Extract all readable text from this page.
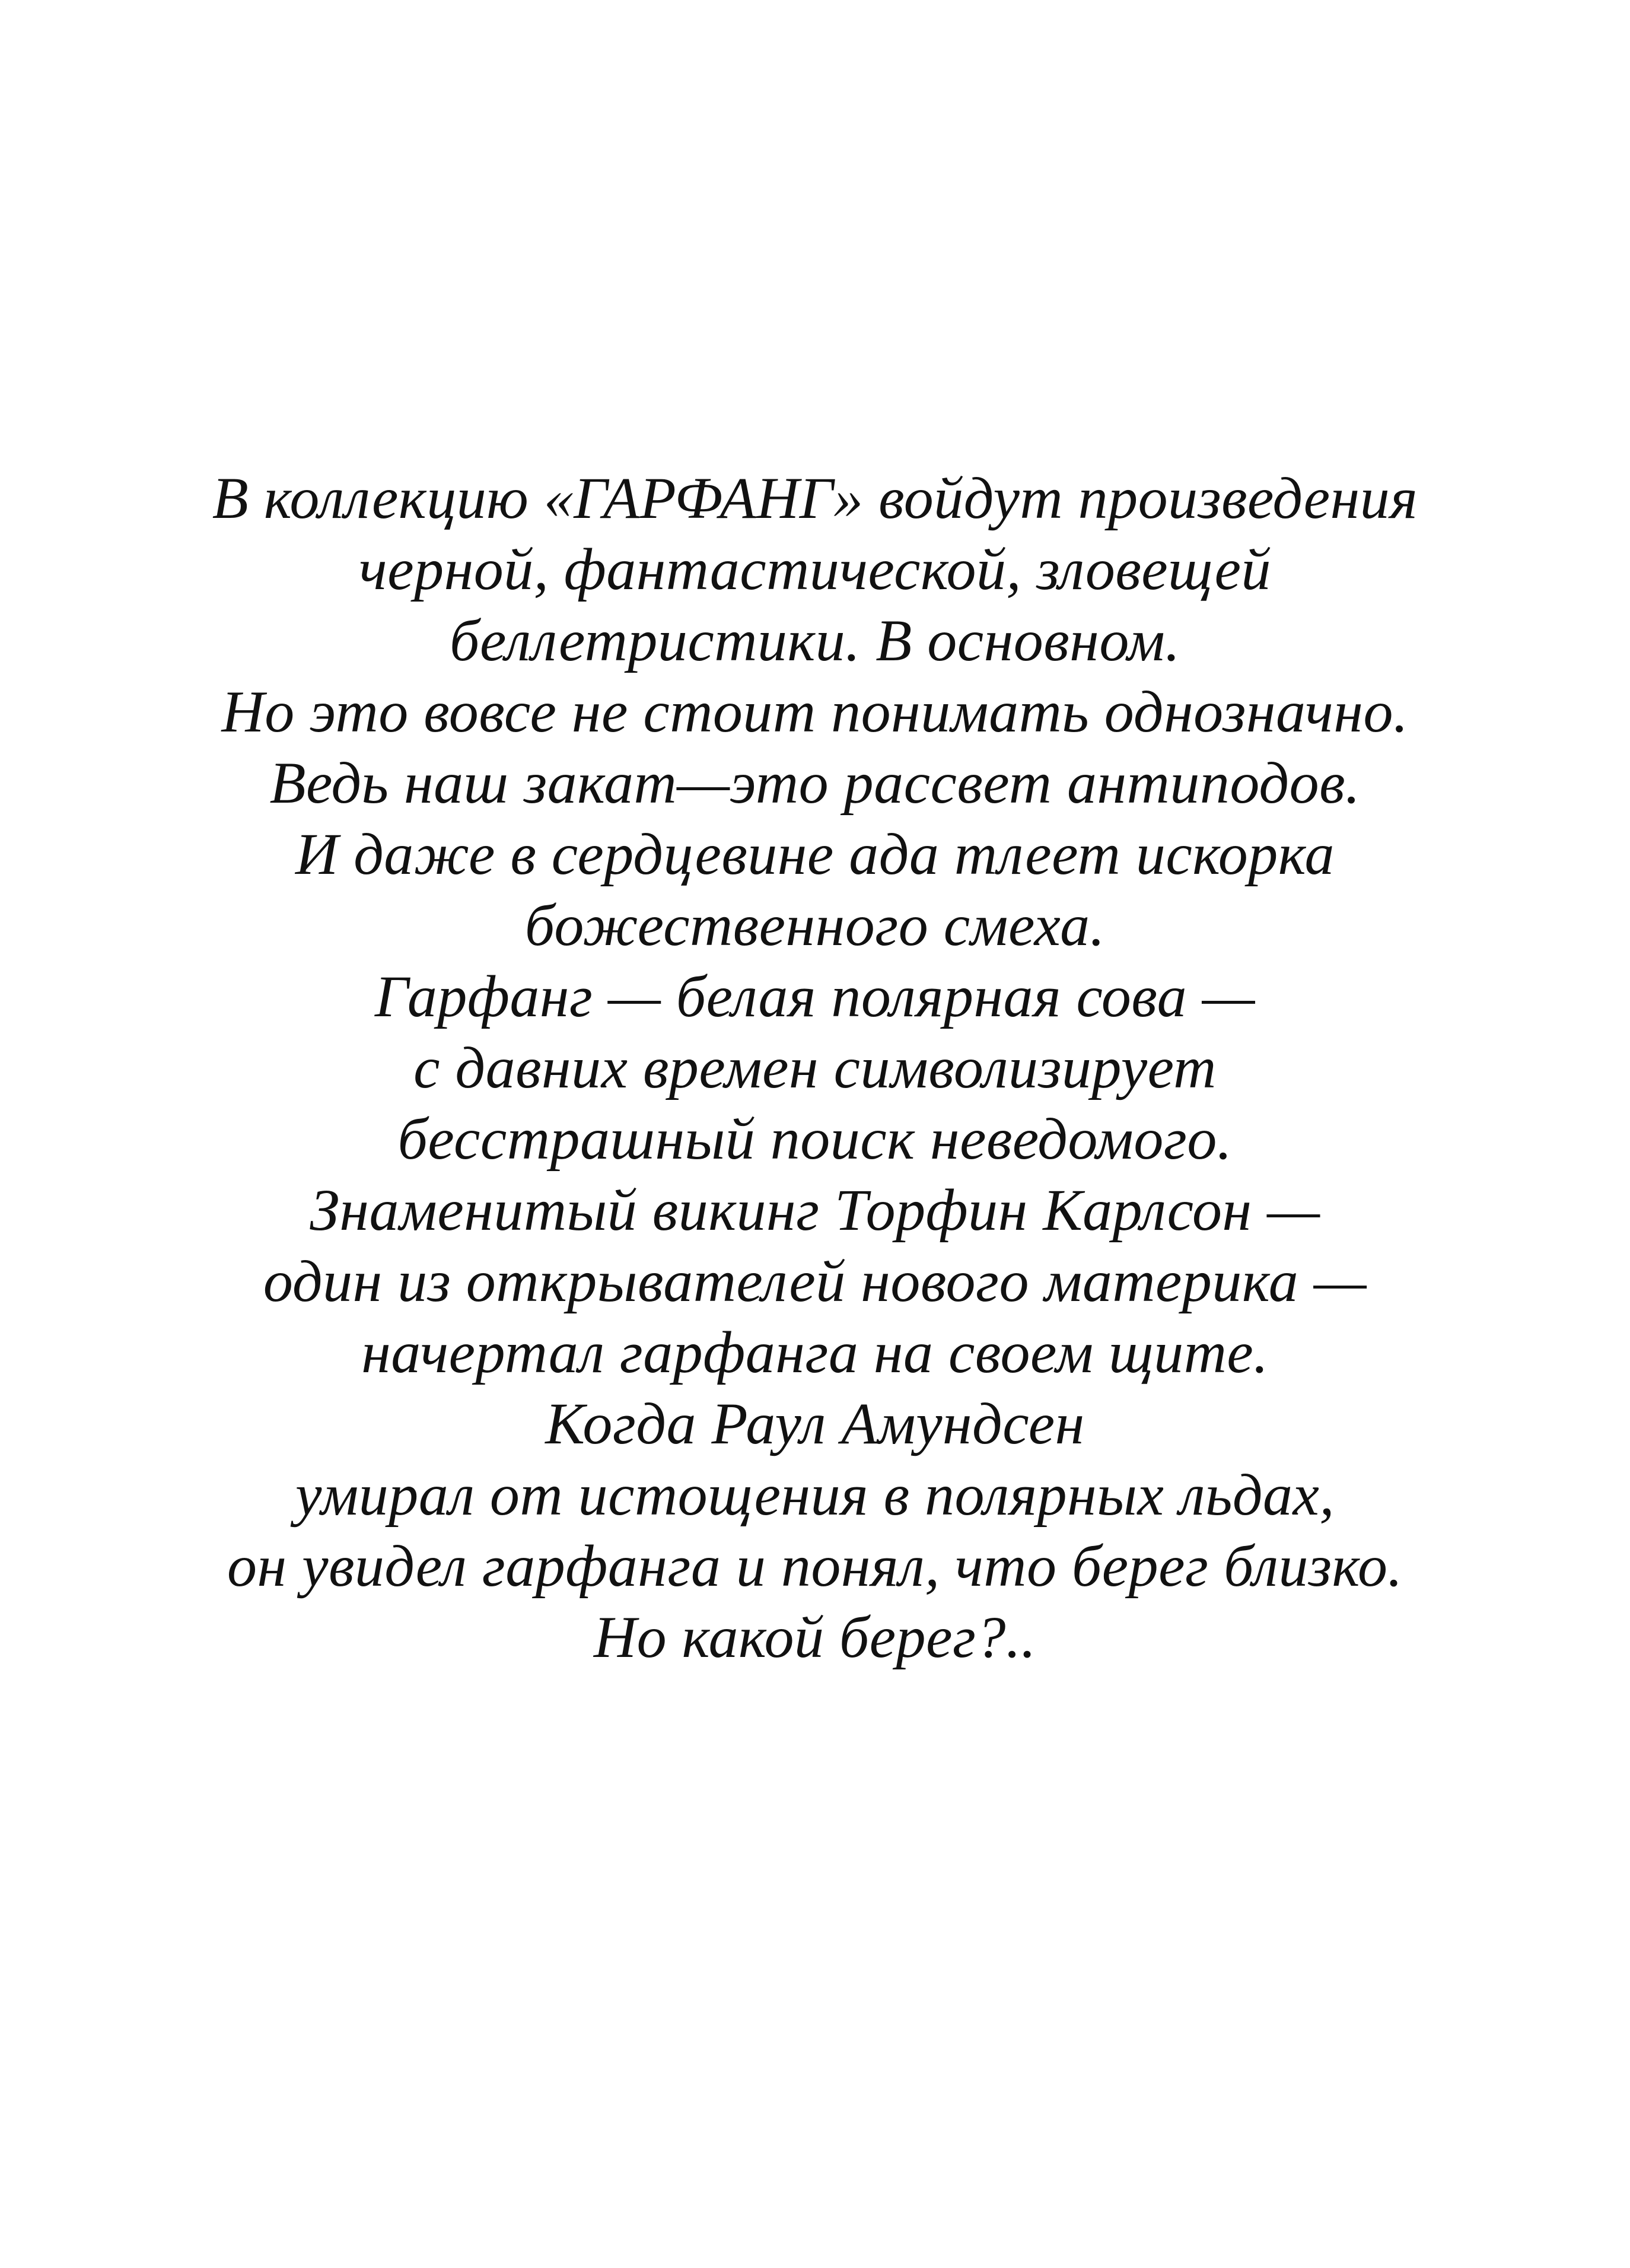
В коллекцию «ГАРФАНГ» войдут произведения
черной, фантастической, зловещей
беллетристики. В основном.
Но это вовсе не стоит понимать однозначно.
Ведь наш закат—это рассвет антиподов.
И даже в сердцевине ада тлеет искорка
божественного смеха.
Гарфанг — белая полярная сова —
с давних времен символизирует
бесстрашный поиск неведомого.
Знаменитый викинг Торфин Карлсон —
один из открывателей нового материка —
начертал гарфанга на своем щите.
Когда Раул Амундсен
умирал от истощения в полярных льдах,
он увидел гарфанга и понял, что берег близко.
Но какой берег?..
